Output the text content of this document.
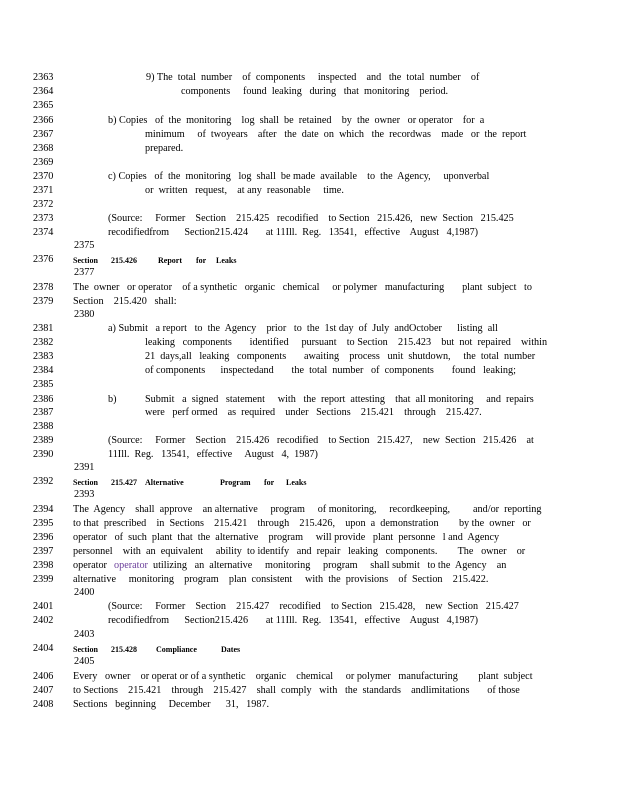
2363	9) The  total  number    of  components     inspected    and   the  total  number    of
2364	components     found  leaking   during   that  monitoring    period.
2365
2366	b) Copies   of  the  monitoring    log  shall  be  retained    by  the  owner   or operator    for  a
2367	minimum     of  twoyears    after   the  date  on  which   the  recordwas    made   or  the  report
2368	prepared.
2369
2370	c) Copies   of  the  monitoring   log  shall  be made  available    to  the  Agency,     uponverbal
2371	or  written   request,    at any  reasonable     time.
2372
2373	(Source:     Former    Section    215.425   recodified    to Section   215.426,   new  Section   215.425
2374	recodifiedfrom      Section215.424       at 11Ill.  Reg.   13541,   effective    August   4,1987)
2375
2376
2377
2378	The  owner   or operator    of a synthetic   organic   chemical     or polymer   manufacturing       plant  subject   to
2379	Section    215.420   shall:
2380
2381	a) Submit   a report   to  the  Agency    prior   to  the  1st day  of  July  andOctober      listing  all
2382	leaking   components       identified     pursuant    to Section    215.423    but  not  repaired    within
2383	21  days,all   leaking   components       awaiting    process   unit  shutdown,     the  total  number
2384	of components      inspectedand       the  total  number   of  components       found   leaking;
2385
b)
2386	Submit   a  signed   statement     with   the  report  attesting    that  all monitoring     and  repairs
2387	were   perf ormed    as  required    under   Sections    215.421    through    215.427.
2388
2389	(Source:     Former    Section    215.426   recodified    to Section   215.427,    new  Section   215.426    at
2390	11Ill.  Reg.   13541,   effective     August   4,  1987)
2391
2392
2393
2394	The  Agency    shall  approve    an alternative     program     of monitoring,     recordkeeping,         and/or  reporting
2395	to that  prescribed    in  Sections    215.421    through    215.426,    upon  a  demonstration        by the  owner   or
2396	operator   of  such  plant  that  the  alternative    program     will provide   plant  personne   l and  Agency
2397	personnel    with  an  equivalent     ability  to identify   and  repair   leaking   components.        The   owner    or
2398	operator operator utilizing   an  alternative     monitoring     program     shall submit   to the  Agency    an
2399	alternative     monitoring    program    plan  consistent     with  the  provisions    of  Section    215.422.
2400
2401	(Source:     Former    Section    215.427    recodified    to Section   215.428,    new  Section   215.427
2402	recodifiedfrom      Section215.426       at 11Ill.  Reg.   13541,   effective    August   4,1987)
2403
2404
2405
2406	Every   owner    or operat or of a synthetic    organic    chemical     or polymer   manufacturing        plant  subject
2407	to Sections    215.421    through    215.427    shall  comply   with   the  standards    andlimitations       of those
2408	Sections   beginning     December      31,   1987.
Section 215.426	Report for Leaks
Section 215.427 Alternative	Program for Leaks
Section 215.428 Compliance	Dates
